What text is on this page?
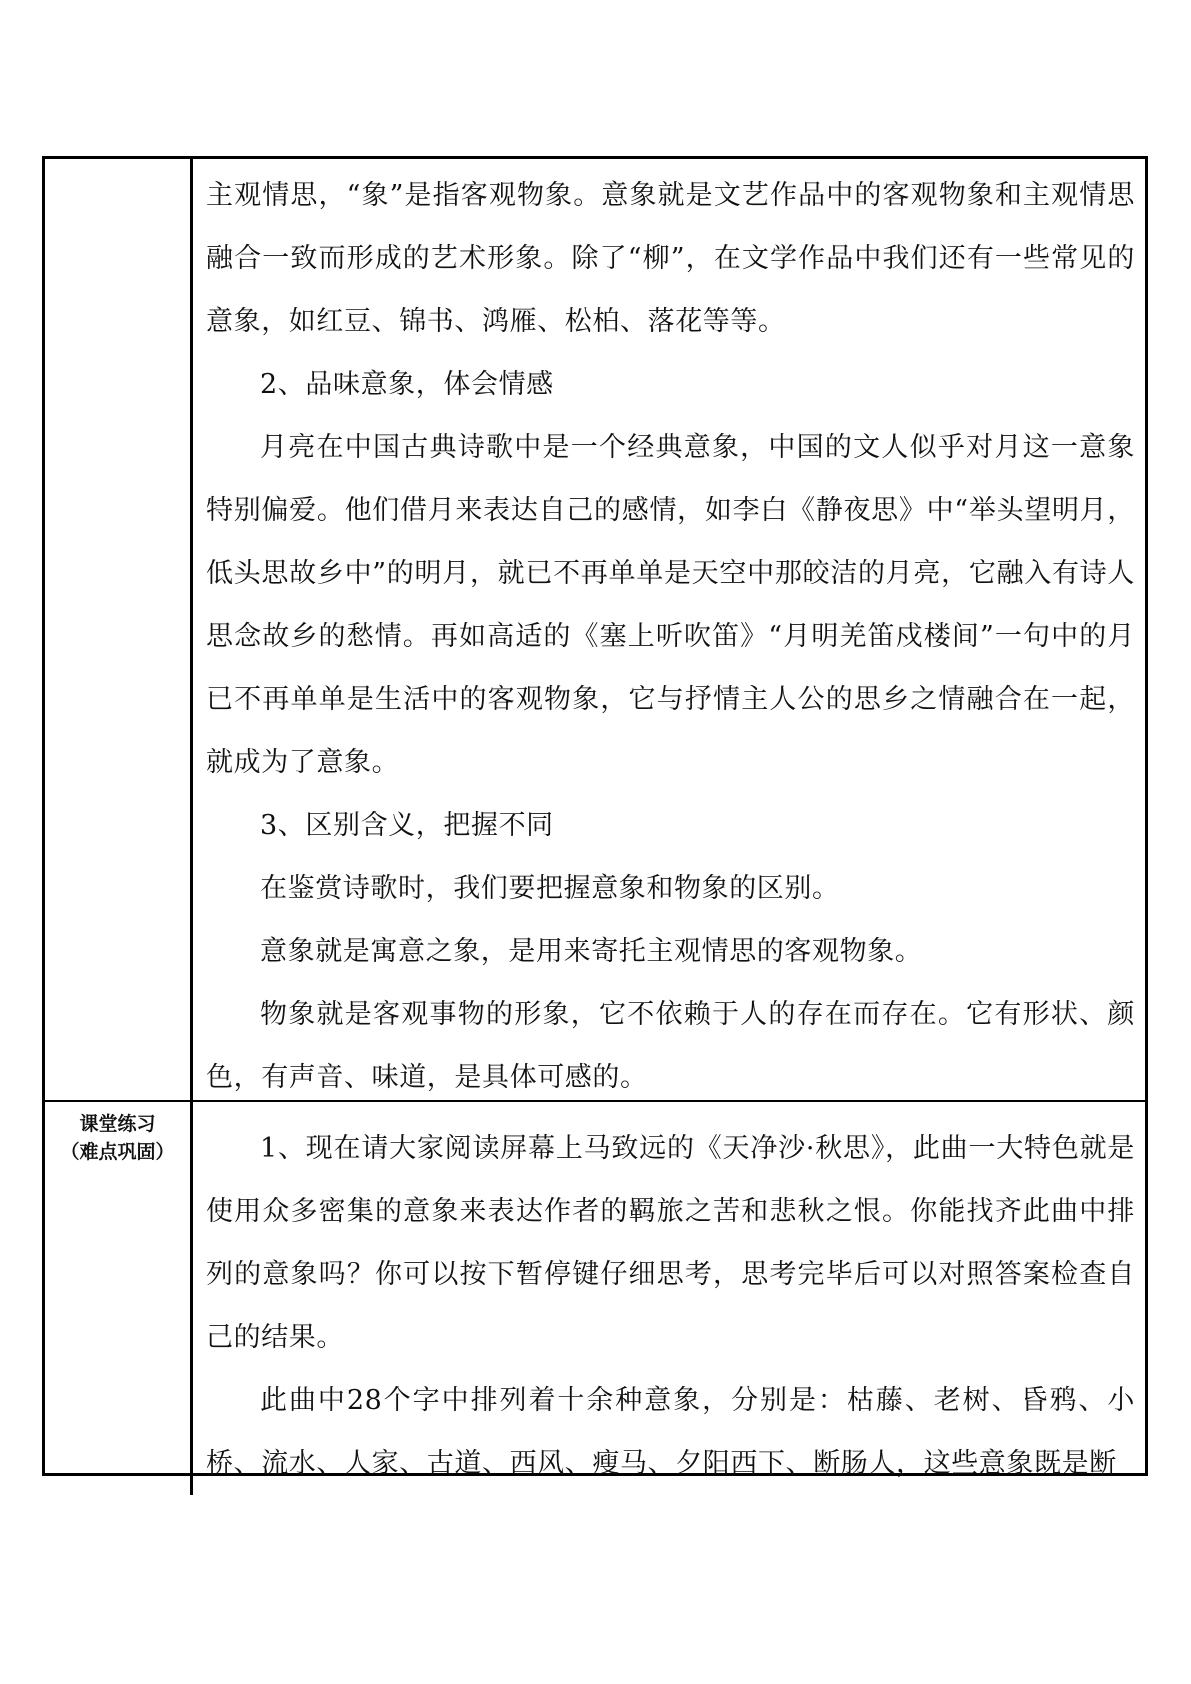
主观情思，“象”是指客观物象。意象就是文艺作品中的客观物象和主观情思融合一致而形成的艺术形象。除了“柳”，在文学作品中我们还有一些常见的意象，如红豆、锦书、鸿雁、松柏、落花等等。

2、品味意象，体会情感

月亮在中国古典诗歌中是一个经典意象，中国的文人似乎对月这一意象特别偏爱。他们借月来表达自己的感情，如李白《静夜思》中“举头望明月，低头思故乡中”的明月，就已不再单单是天空中那皎洁的月亮，它融入有诗人思念故乡的愁情。再如高适的《塞上听吹笛》“月明羌笛戍楼间”一句中的月已不再单单是生活中的客观物象，它与抒情主人公的思乡之情融合在一起，就成为了意象。

3、区别含义，把握不同

在鉴赏诗歌时，我们要把握意象和物象的区别。

意象就是寓意之象，是用来寄托主观情思的客观物象。

物象就是客观事物的形象，它不依赖于人的存在而存在。它有形状、颜色，有声音、味道，是具体可感的。

课堂练习
（难点巩固）	1、现在请大家阅读屏幕上马致远的《天净沙·秋思》，此曲一大特色就是使用众多密集的意象来表达作者的羁旅之苦和悲秋之恨。你能找齐此曲中排列的意象吗？你可以按下暂停键仔细思考，思考完毕后可以对照答案检查自己的结果。

此曲中28个字中排列着十余种意象，分别是：枯藤、老树、昏鸦、小桥、流水、人家、古道、西风、瘦马、夕阳西下、断肠人，这些意象既是断
